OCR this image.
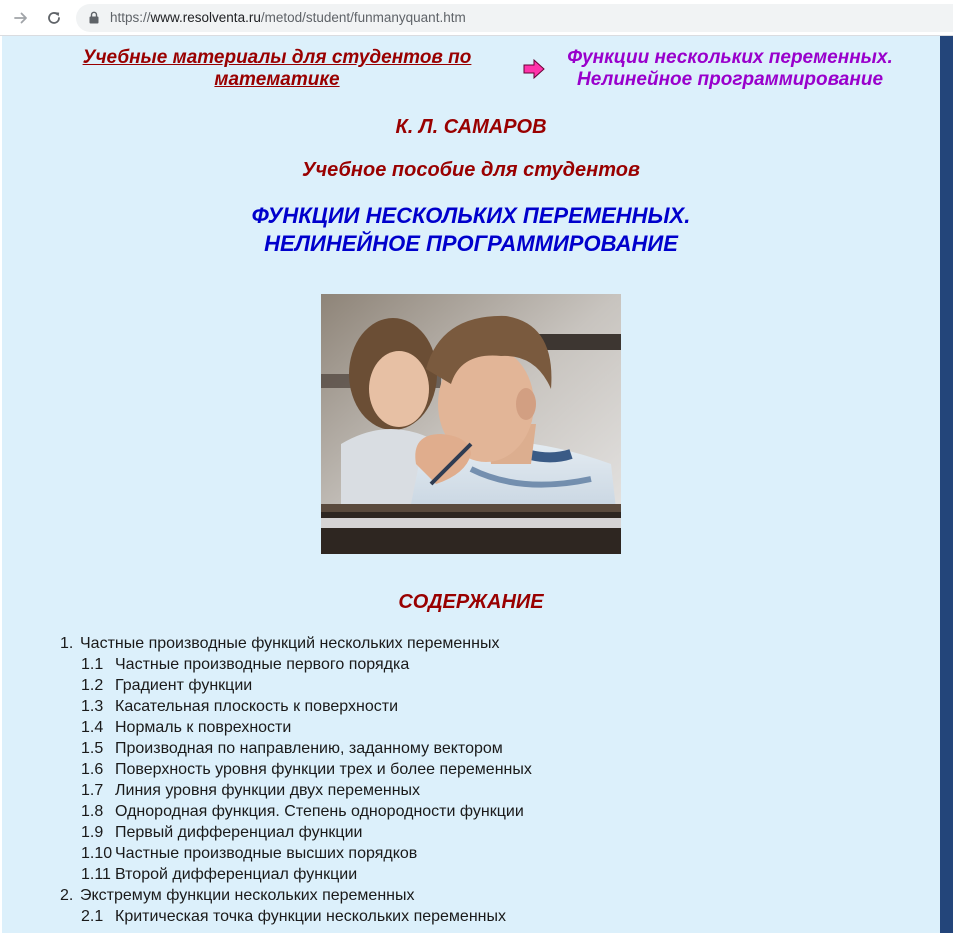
https://www.resolventa.ru/metod/student/funmanyquant.htm
Учебные материалы для студентов по математике
Функции нескольких переменных. Нелинейное программирование
К. Л. САМАРОВ
Учебное пособие для студентов
ФУНКЦИИ НЕСКОЛЬКИХ ПЕРЕМЕННЫХ.
НЕЛИНЕЙНОЕ ПРОГРАММИРОВАНИЕ
СОДЕРЖАНИЕ
1. Частные производные функций нескольких переменных
1.1 Частные производные первого порядка
1.2 Градиент функции
1.3 Касательная плоскость к поверхности
1.4 Нормаль к поврехности
1.5 Производная по направлению, заданному вектором
1.6 Поверхность уровня функции трех и более переменных
1.7 Линия уровня функции двух переменных
1.8 Однородная функция. Степень однородности функции
1.9 Первый дифференциал функции
1.10 Частные производные высших порядков
1.11 Второй дифференциал функции
2. Экстремум функции нескольких переменных
2.1 Критическая точка функции нескольких переменных
